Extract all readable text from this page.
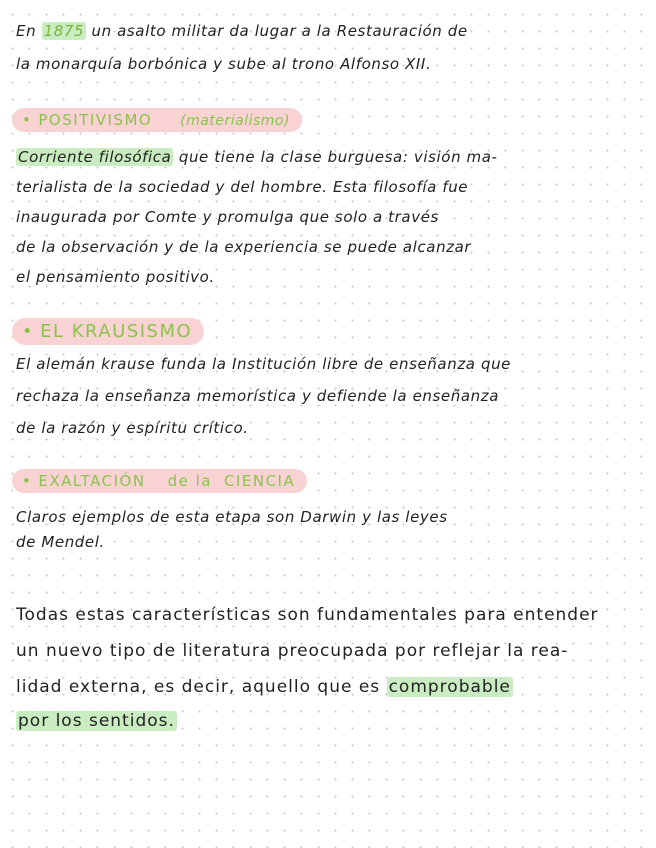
En 1875 un asalto militar da lugar a la Restauración de

la monarquía borbónica y sube al trono Alfonso XII.

• POSITIVISMO (materialismo)

Corriente filosófica que tiene la clase burguesa: visión ma-

terialista de la sociedad y del hombre. Esta filosofía fue

inaugurada por Comte y promulga que solo a través

de la observación y de la experiencia se puede alcanzar

el pensamiento positivo.

• EL KRAUSISMO

El alemán krause funda la Institución libre de enseñanza que

rechaza la enseñanza memorística y defiende la enseñanza

de la razón y espíritu crítico.

• EXALTACIÓN de la CIENCIA

Claros ejemplos de esta etapa son Darwin y las leyes

de Mendel.

Todas estas características son fundamentales para entender

un nuevo tipo de literatura preocupada por reflejar la rea-

lidad externa, es decir, aquello que es comprobable

por los sentidos.
